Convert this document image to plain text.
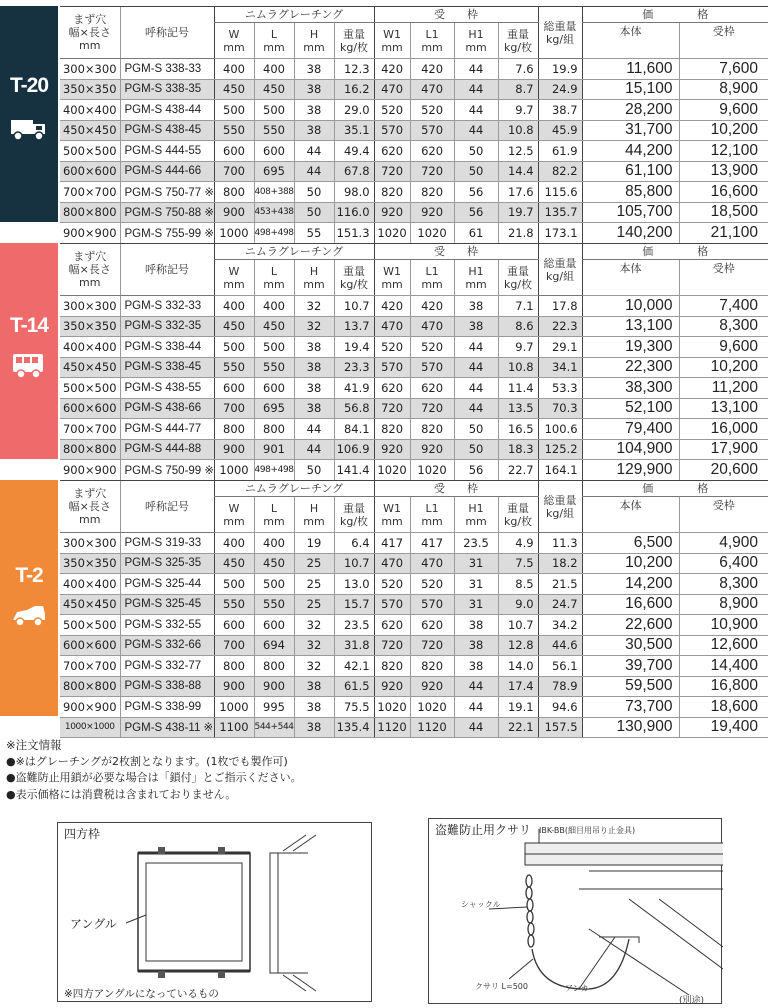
T-20
まず穴
幅×長さ
mm	呼称記号	ニムラグレーチング				受　　枠				総重量
kg/組	価　　　　格	
		W
mm	L
mm	H
mm	重量
kg/枚	W1
mm	L1
mm	H1
mm	重量
kg/枚		本体	受枠
300×300	PGM-S 338-33	400	400	38	12.3	420	420	44	7.6	19.9	11,600	7,600
350×350	PGM-S 338-35	450	450	38	16.2	470	470	44	8.7	24.9	15,100	8,900
400×400	PGM-S 438-44	500	500	38	29.0	520	520	44	9.7	38.7	28,200	9,600
450×450	PGM-S 438-45	550	550	38	35.1	570	570	44	10.8	45.9	31,700	10,200
500×500	PGM-S 444-55	600	600	44	49.4	620	620	50	12.5	61.9	44,200	12,100
600×600	PGM-S 444-66	700	695	44	67.8	720	720	50	14.4	82.2	61,100	13,900
700×700	PGM-S 750-77 ※	800	408+388	50	98.0	820	820	56	17.6	115.6	85,800	16,600
800×800	PGM-S 750-88 ※	900	453+438	50	116.0	920	920	56	19.7	135.7	105,700	18,500
900×900	PGM-S 755-99 ※	1000	498+498	55	151.3	1020	1020	61	21.8	173.1	140,200	21,100
T-14
まず穴
幅×長さ
mm	呼称記号	ニムラグレーチング				受　　枠				総重量
kg/組	価　　　　格	
		W
mm	L
mm	H
mm	重量
kg/枚	W1
mm	L1
mm	H1
mm	重量
kg/枚		本体	受枠
300×300	PGM-S 332-33	400	400	32	10.7	420	420	38	7.1	17.8	10,000	7,400
350×350	PGM-S 332-35	450	450	32	13.7	470	470	38	8.6	22.3	13,100	8,300
400×400	PGM-S 338-44	500	500	38	19.4	520	520	44	9.7	29.1	19,300	9,600
450×450	PGM-S 338-45	550	550	38	23.3	570	570	44	10.8	34.1	22,300	10,200
500×500	PGM-S 438-55	600	600	38	41.9	620	620	44	11.4	53.3	38,300	11,200
600×600	PGM-S 438-66	700	695	38	56.8	720	720	44	13.5	70.3	52,100	13,100
700×700	PGM-S 444-77	800	800	44	84.1	820	820	50	16.5	100.6	79,400	16,000
800×800	PGM-S 444-88	900	901	44	106.9	920	920	50	18.3	125.2	104,900	17,900
900×900	PGM-S 750-99 ※	1000	498+498	50	141.4	1020	1020	56	22.7	164.1	129,900	20,600
T-2
まず穴
幅×長さ
mm	呼称記号	ニムラグレーチング				受　　枠				総重量
kg/組	価　　　　格	
		W
mm	L
mm	H
mm	重量
kg/枚	W1
mm	L1
mm	H1
mm	重量
kg/枚		本体	受枠
300×300	PGM-S 319-33	400	400	19	6.4	417	417	23.5	4.9	11.3	6,500	4,900
350×350	PGM-S 325-35	450	450	25	10.7	470	470	31	7.5	18.2	10,200	6,400
400×400	PGM-S 325-44	500	500	25	13.0	520	520	31	8.5	21.5	14,200	8,300
450×450	PGM-S 325-45	550	550	25	15.7	570	570	31	9.0	24.7	16,600	8,900
500×500	PGM-S 332-55	600	600	32	23.5	620	620	38	10.7	34.2	22,600	10,900
600×600	PGM-S 332-66	700	694	32	31.8	720	720	38	12.8	44.6	30,500	12,600
700×700	PGM-S 332-77	800	800	32	42.1	820	820	38	14.0	56.1	39,700	14,400
800×800	PGM-S 338-88	900	900	38	61.5	920	920	44	17.4	78.9	59,500	16,800
900×900	PGM-S 338-99	1000	995	38	75.5	1020	1020	44	19.1	94.6	73,700	18,600
1000×1000	PGM-S 438-11 ※	1100	544+544	38	135.4	1120	1120	44	22.1	157.5	130,900	19,400
※注文情報
●※はグレーチングが2枚割となります。(1枚でも製作可)
●盗難防止用鎖が必要な場合は「鎖付」とご指示ください。
●表示価格には消費税は含まれておりません。
四方枠
アングル
※四方アングルになっているもの
盗難防止用クサリ IBK-BB(細目用吊り止金具)
シャックル
クサリ L=500	アンカー
(別途)
